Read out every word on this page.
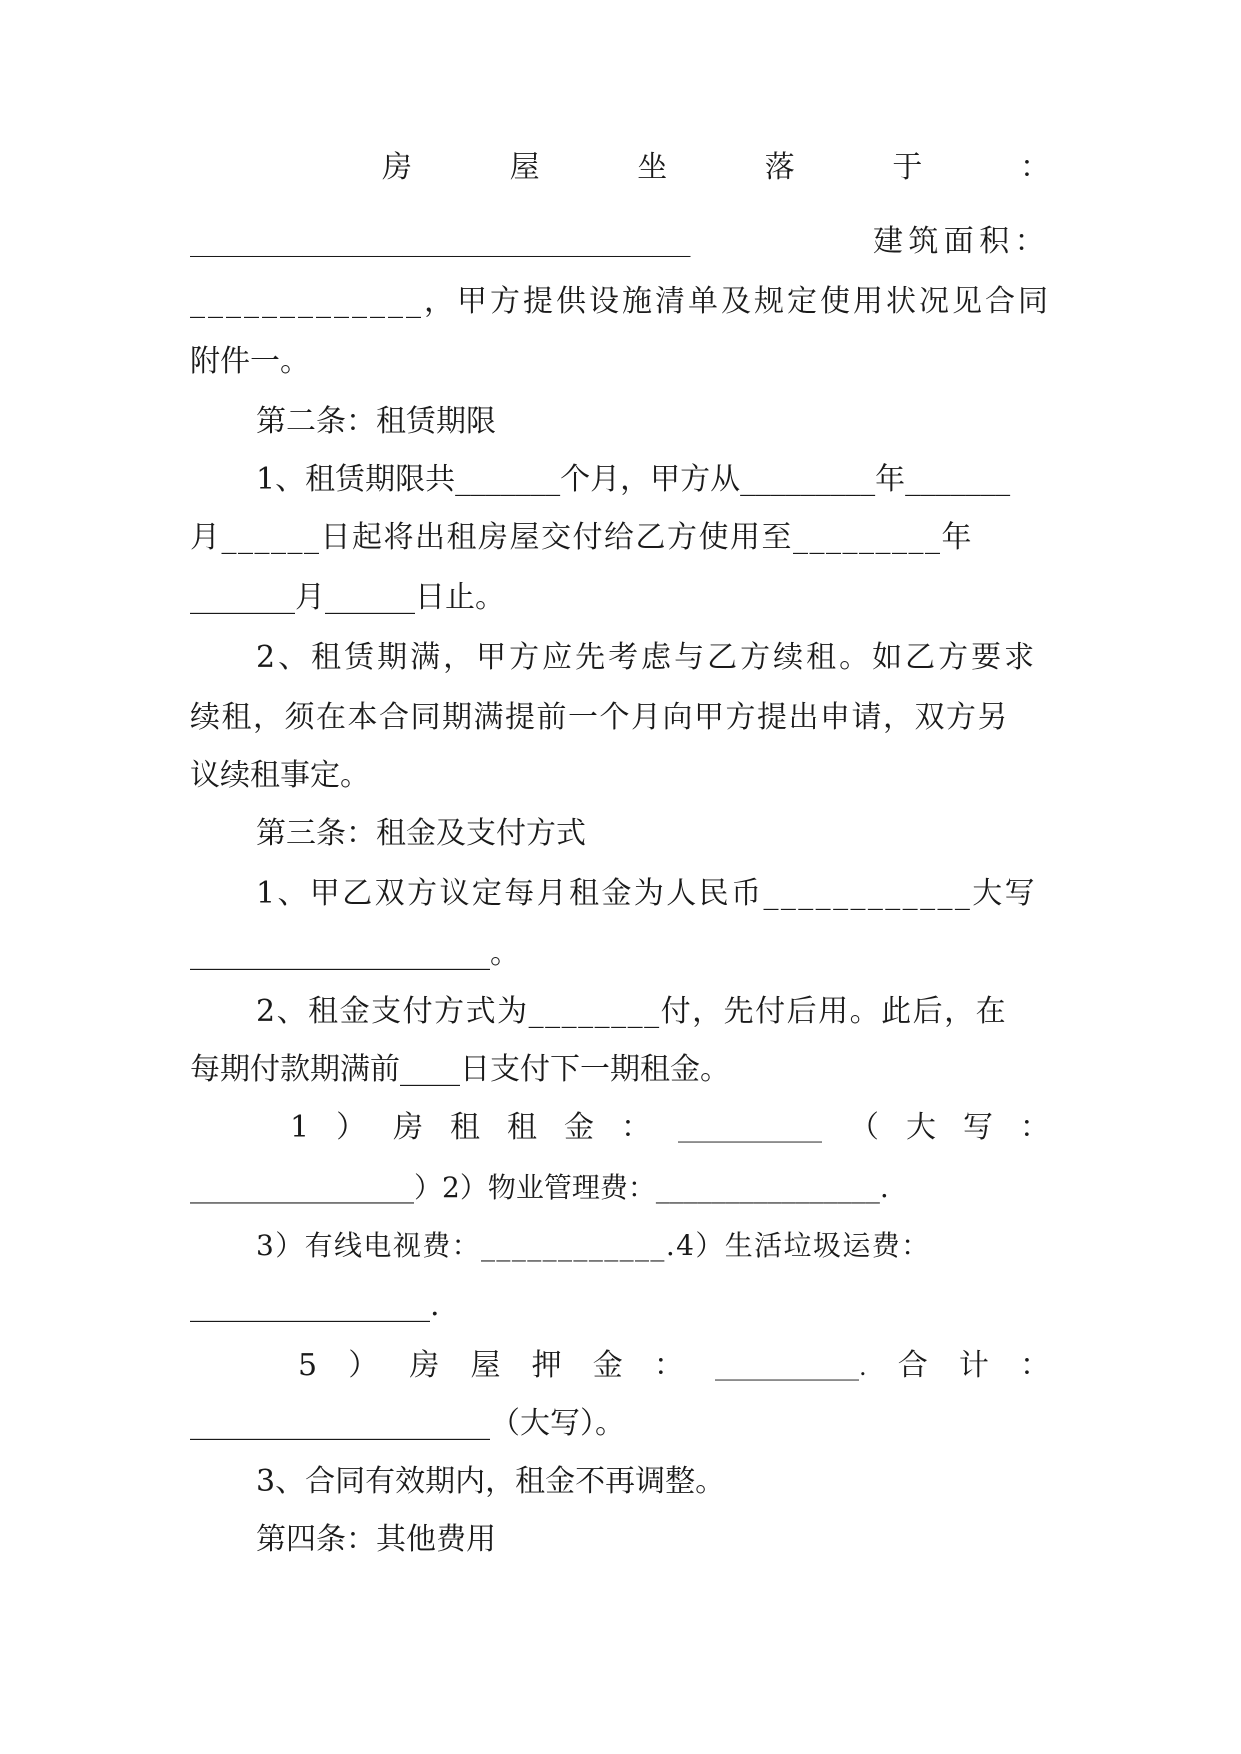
房	屋	坐	落	于	：
________________________________________	建筑面积：
_____________，甲方提供设施清单及规定使用状况见合同
附件一。
第二条：租赁期限
1、租赁期限共_______个月，甲方从_________年_______
月______日起将出租房屋交付给乙方使用至_________年
_______月______日止。
2、租赁期满，甲方应先考虑与乙方续租。如乙方要求
续租，须在本合同期满提前一个月向甲方提出申请，双方另
议续租事定。
第三条：租金及支付方式
1、甲乙双方议定每月租金为人民币____________大写
____________________。
2、租金支付方式为________付，先付后用。此后，在
每期付款期满前____日支付下一期租金。
1 ） 房 租 租 金 ： ____________ （ 大 写 ：
________________）2）物业管理费：________________.
3）有线电视费：____________.4）生活垃圾运费：
________________.
5 ） 房 屋 押 金 ： ____________. 合 计 ：
____________________（大写）。
3、合同有效期内，租金不再调整。
第四条：其他费用
